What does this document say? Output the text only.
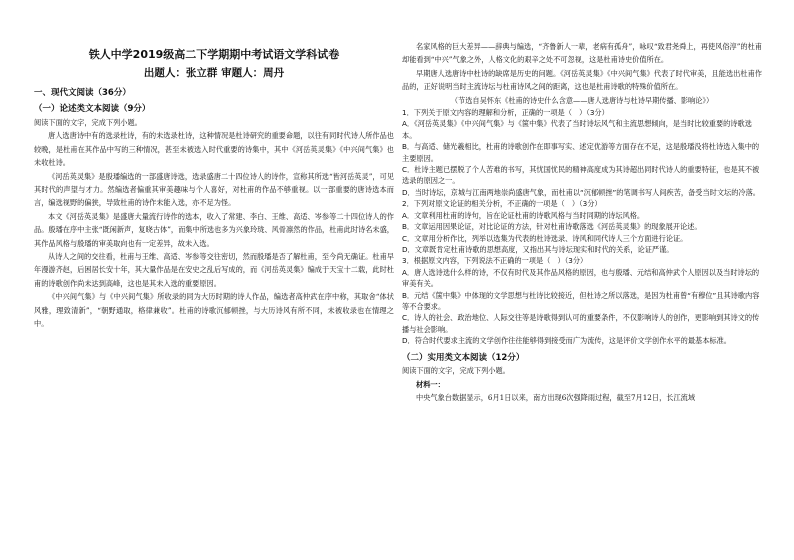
铁人中学2019级高二下学期期中考试语文学科试卷
出题人：张立群 审题人：周丹
一、现代文阅读（36分）
（一）论述类文本阅读（9分）

阅读下面的文字，完成下列小题。

唐人选唐诗中有的选录杜诗，有的未选录杜诗，这种情况是杜诗研究的重要命题，以往有同时代诗人所作品也较晚，是杜甫在其作品中写的三种情况，甚至未被选入时代重要的诗集中，其中《河岳英灵集》《中兴间气集》也未收杜诗。

《河岳英灵集》是殷璠编选的一部盛唐诗选，选录盛唐二十四位诗人的诗作，宣称其所选“皆河岳英灵”，可见其时代的声望与才力。然编选者偏重其审美趣味与个人喜好，对杜甫的作品不够重视。以一部重要的唐诗选本而言，编选视野的偏狭，导致杜甫的诗作未能入选，亦不足为怪。

本文《河岳英灵集》是盛唐大量流行诗作的选本，收入了常建、李白、王维、高适、岑参等二十四位诗人的作品。殷璠在序中主张“既闲新声，复晓古体”，而集中所选也多为兴象玲珑、风骨凛然的作品，杜甫此时诗名未盛，其作品风格与殷璠的审美取向也有一定差异，故未入选。

从诗人之间的交往看，杜甫与王维、高适、岑参等交往密切，然而殷璠是否了解杜甫，至今尚无确证。杜甫早年漫游齐赵，后困居长安十年，其大量作品是在安史之乱后写成的，而《河岳英灵集》编成于天宝十二载，此时杜甫的诗歌创作尚未达到高峰，这也是其未入选的重要原因。

《中兴间气集》与《中兴间气集》所收录的同为大历时期的诗人作品，编选者高仲武在序中称，其取舍“体状风雅，理致清新”，“朝野通取，格律兼收”。杜甫的诗歌沉郁顿挫，与大历诗风有所不同，未被收录也在情理之中。

名家风格的巨大差异——辞典与编选，“齐鲁新人一辈，老病有孤舟”，咏叹“致君尧舜上，再使风俗淳”的杜甫却能看到“中兴”气象之外，人格文化的艰辛之处不可忽视，这是杜甫诗史价值所在。

早期唐人选唐诗中杜诗的缺席是历史的问题。《河岳英灵集》《中兴间气集》代表了时代审美，且能选出杜甫作品的，正好说明当时主流诗坛与杜甫诗风之间的距离，这也是杜甫诗歌的特殊价值所在。

（节选自吴怀东《杜甫的诗史什么含意——唐人选唐诗与杜诗早期传播、影响论》）

1．下列关于原文内容的理解和分析，正确的一项是（　）（3分）

A．《河岳英灵集》《中兴间气集》与《箧中集》代表了当时诗坛风气和主流思想倾向，是当时比较重要的诗歌选本。

B．与高适、储光羲相比，杜甫的诗歌创作在即事写实、述定优游等方面存在不足，这是殷璠没将杜诗选入集中的主要原因。

C．杜诗主题已摆脱了个人苦难的书写，其忧国忧民的精神高度成为其诗超出同时代诗人的重要特征，也是其不被选录的原因之一。

D．当时诗坛，京城与江南两地崇尚盛唐气象，而杜甫以“沉郁顿挫”的笔调书写人间疾苦，备受当时文坛的冷落。

2．下列对原文论证的相关分析，不正确的一项是（　）（3分）

A．文章利用杜甫的诗句，旨在论证杜甫的诗歌风格与当时同期的诗坛风格。

B．文章运用因果论证，对比论证的方法，针对杜甫诗歌落选《河岳英灵集》的现象展开论述。

C．文章用分析作比，列举以选集为代表的杜诗选录、诗风和同代诗人三个方面进行论证。

D．文章既肯定杜甫诗歌的思想高度，又指出其与诗坛现实和时代的关系，论证严谨。

3．根据原文内容，下列说法不正确的一项是（　）（3分）

A．唐人选诗选什么样的诗，不仅有时代及其作品风格的原因，也与殷璠、元结和高仲武个人原因以及当时诗坛的审美有关。

B．元结《箧中集》中体现的文学思想与杜诗比较接近，但杜诗之所以落选，是因为杜甫曾“有穆位”且其诗歌内容等不合要求。

C．诗人的社会、政治地位、人际交往等是诗歌得到认可的重要条件，不仅影响诗人的创作，更影响到其诗文的传播与社会影响。

D．符合时代要求主流的文学创作往往能够得到接受而广为流传，这是评价文学创作水平的最基本标准。

（二）实用类文本阅读（12分）

阅读下面的文字，完成下列小题。

材料一：

中央气象台数据显示，6月1日以来，南方出现6次强降雨过程，截至7月12日，长江流域
